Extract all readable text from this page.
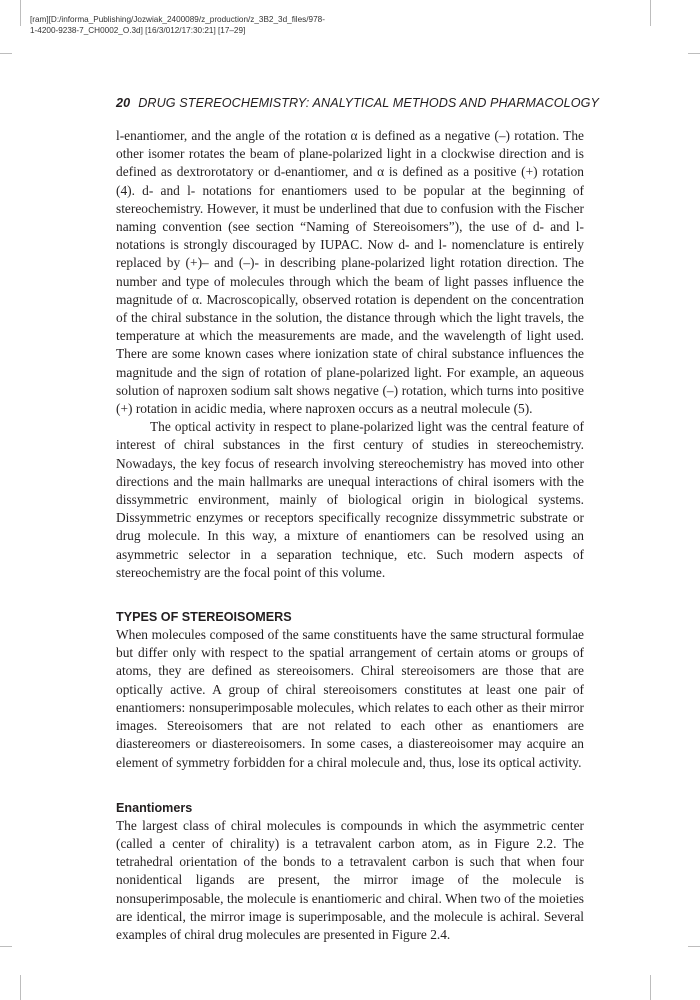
[ram][D:/informa_Publishing/Jozwiak_2400089/z_production/z_3B2_3d_files/978-
1-4200-9238-7_CH0002_O.3d] [16/3/012/17:30:21] [17–29]
20 DRUG STEREOCHEMISTRY: ANALYTICAL METHODS AND PHARMACOLOGY

l-enantiomer, and the angle of the rotation α is defined as a negative (–) rotation. The other isomer rotates the beam of plane-polarized light in a clockwise direction and is defined as dextrorotatory or d-enantiomer, and α is defined as a positive (+) rotation (4). d- and l- notations for enantiomers used to be popular at the beginning of stereochemistry. However, it must be underlined that due to confusion with the Fischer naming convention (see section “Naming of Stereoisomers”), the use of d- and l- notations is strongly discouraged by IUPAC. Now d- and l- nomenclature is entirely replaced by (+)– and (–)- in describing plane-polarized light rotation direction. The number and type of molecules through which the beam of light passes influence the magnitude of α. Macroscopically, observed rotation is dependent on the concentration of the chiral substance in the solution, the distance through which the light travels, the temperature at which the measurements are made, and the wavelength of light used. There are some known cases where ionization state of chiral substance influences the magnitude and the sign of rotation of plane-polarized light. For example, an aqueous solution of naproxen sodium salt shows negative (–) rotation, which turns into positive (+) rotation in acidic media, where naproxen occurs as a neutral molecule (5).

The optical activity in respect to plane-polarized light was the central feature of interest of chiral substances in the first century of studies in stereochemistry. Nowadays, the key focus of research involving stereochemistry has moved into other directions and the main hallmarks are unequal interactions of chiral isomers with the dissymmetric environment, mainly of biological origin in biological systems. Dissymmetric enzymes or receptors specifically recognize dissymmetric substrate or drug molecule. In this way, a mixture of enantiomers can be resolved using an asymmetric selector in a separation technique, etc. Such modern aspects of stereochemistry are the focal point of this volume.

TYPES OF STEREOISOMERS

When molecules composed of the same constituents have the same structural formulae but differ only with respect to the spatial arrangement of certain atoms or groups of atoms, they are defined as stereoisomers. Chiral stereoisomers are those that are optically active. A group of chiral stereoisomers constitutes at least one pair of enantiomers: nonsuperimposable molecules, which relates to each other as their mirror images. Stereoisomers that are not related to each other as enantiomers are diastereomers or diastereoisomers. In some cases, a diastereoisomer may acquire an element of symmetry forbidden for a chiral molecule and, thus, lose its optical activity.

Enantiomers

The largest class of chiral molecules is compounds in which the asymmetric center (called a center of chirality) is a tetravalent carbon atom, as in Figure 2.2. The tetrahedral orientation of the bonds to a tetravalent carbon is such that when four nonidentical ligands are present, the mirror image of the molecule is nonsuperimposable, the molecule is enantiomeric and chiral. When two of the moieties are identical, the mirror image is superimposable, and the molecule is achiral. Several examples of chiral drug molecules are presented in Figure 2.4.
